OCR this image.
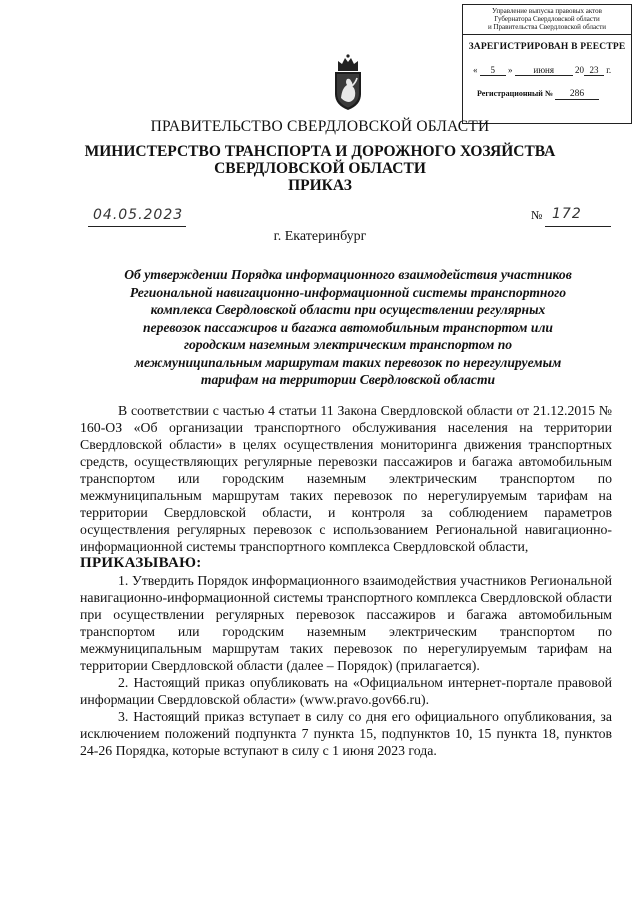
Управление выпуска правовых актов
Губернатора Свердловской области
и Правительства Свердловской области
ЗАРЕГИСТРИРОВАН В РЕЕСТРЕ
« 5 » июня 20 23 г.
Регистрационный № 286
ПРАВИТЕЛЬСТВО СВЕРДЛОВСКОЙ ОБЛАСТИ
МИНИСТЕРСТВО ТРАНСПОРТА И ДОРОЖНОГО ХОЗЯЙСТВА
СВЕРДЛОВСКОЙ ОБЛАСТИ
ПРИКАЗ
04.05.2023	№ 172
г. Екатеринбург
Об утверждении Порядка информационного взаимодействия участников
Региональной навигационно-информационной системы транспортного
комплекса Свердловской области при осуществлении регулярных
перевозок пассажиров и багажа автомобильным транспортом или
городским наземным электрическим транспортом по
межмуниципальным маршрутам таких перевозок по нерегулируемым
тарифам на территории Свердловской области

В соответствии с частью 4 статьи 11 Закона Свердловской области от 21.12.2015 № 160-ОЗ «Об организации транспортного обслуживания населения на территории Свердловской области» в целях осуществления мониторинга движения транспортных средств, осуществляющих регулярные перевозки пассажиров и багажа автомобильным транспортом или городским наземным электрическим транспортом по межмуниципальным маршрутам таких перевозок по нерегулируемым тарифам на территории Свердловской области, и контроля за соблюдением параметров осуществления регулярных перевозок с использованием Региональной навигационно-информационной системы транспортного комплекса Свердловской области,

ПРИКАЗЫВАЮ:

1. Утвердить Порядок информационного взаимодействия участников Региональной навигационно-информационной системы транспортного комплекса Свердловской области при осуществлении регулярных перевозок пассажиров и багажа автомобильным транспортом или городским наземным электрическим транспортом по межмуниципальным маршрутам таких перевозок по нерегулируемым тарифам на территории Свердловской области (далее – Порядок) (прилагается).

2. Настоящий приказ опубликовать на «Официальном интернет-портале правовой информации Свердловской области» (www.pravo.gov66.ru).

3. Настоящий приказ вступает в силу со дня его официального опубликования, за исключением положений подпункта 7 пункта 15, подпунктов 10, 15 пункта 18, пунктов 24-26 Порядка, которые вступают в силу с 1 июня 2023 года.
